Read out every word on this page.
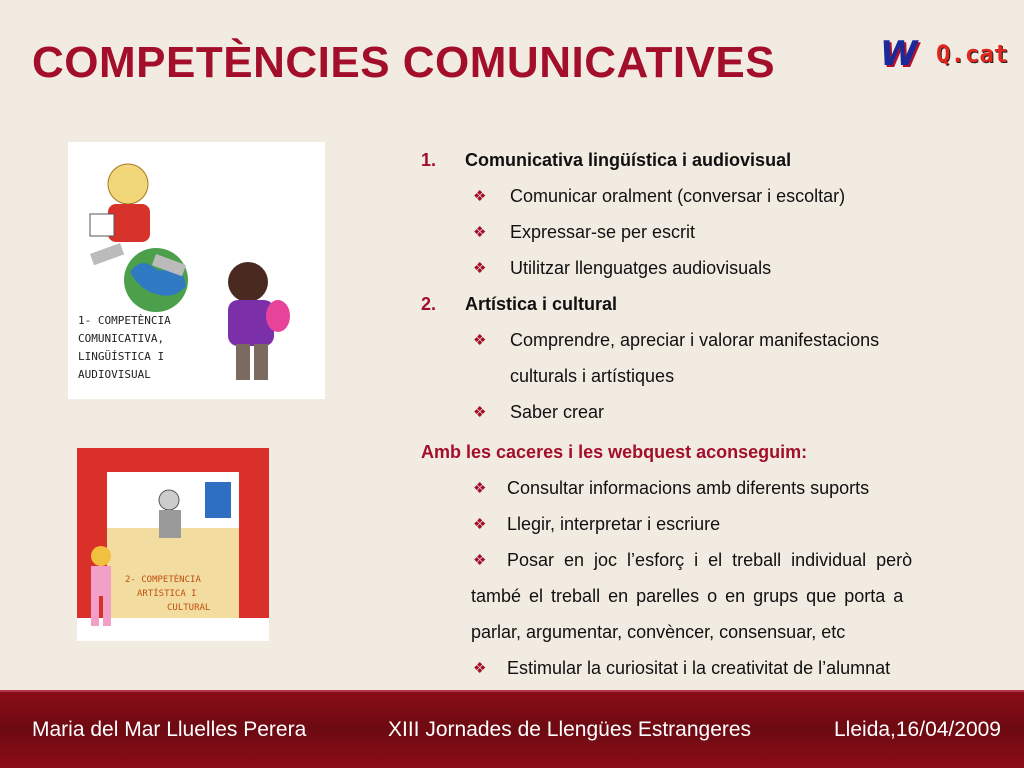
COMPETÈNCIES COMUNICATIVES	W Q.cat
1- COMPETÈNCIA
COMUNICATIVA,
LINGÜÍSTICA I
AUDIOVISUAL
2- COMPETÈNCIA
ARTÍSTICA I
CULTURAL
1. Comunicativa lingüística i audiovisual
❖ Comunicar oralment (conversar i escoltar)
❖ Expressar-se per escrit
❖ Utilitzar llenguatges audiovisuals
2. Artística i cultural
❖ Comprendre, apreciar i valorar manifestacions
culturals i artístiques
❖ Saber crear
Amb les caceres i les webquest aconseguim:
❖ Consultar informacions amb diferents suports
❖ Llegir, interpretar i escriure
❖ Posar en joc l’esforç i el treball individual però
també el treball en parelles o en grups que porta a
parlar, argumentar, convèncer, consensuar, etc
❖ Estimular la curiositat i la creativitat de l’alumnat
Maria del Mar Lluelles Perera	XIII Jornades de Llengües Estrangeres	Lleida,16/04/2009
